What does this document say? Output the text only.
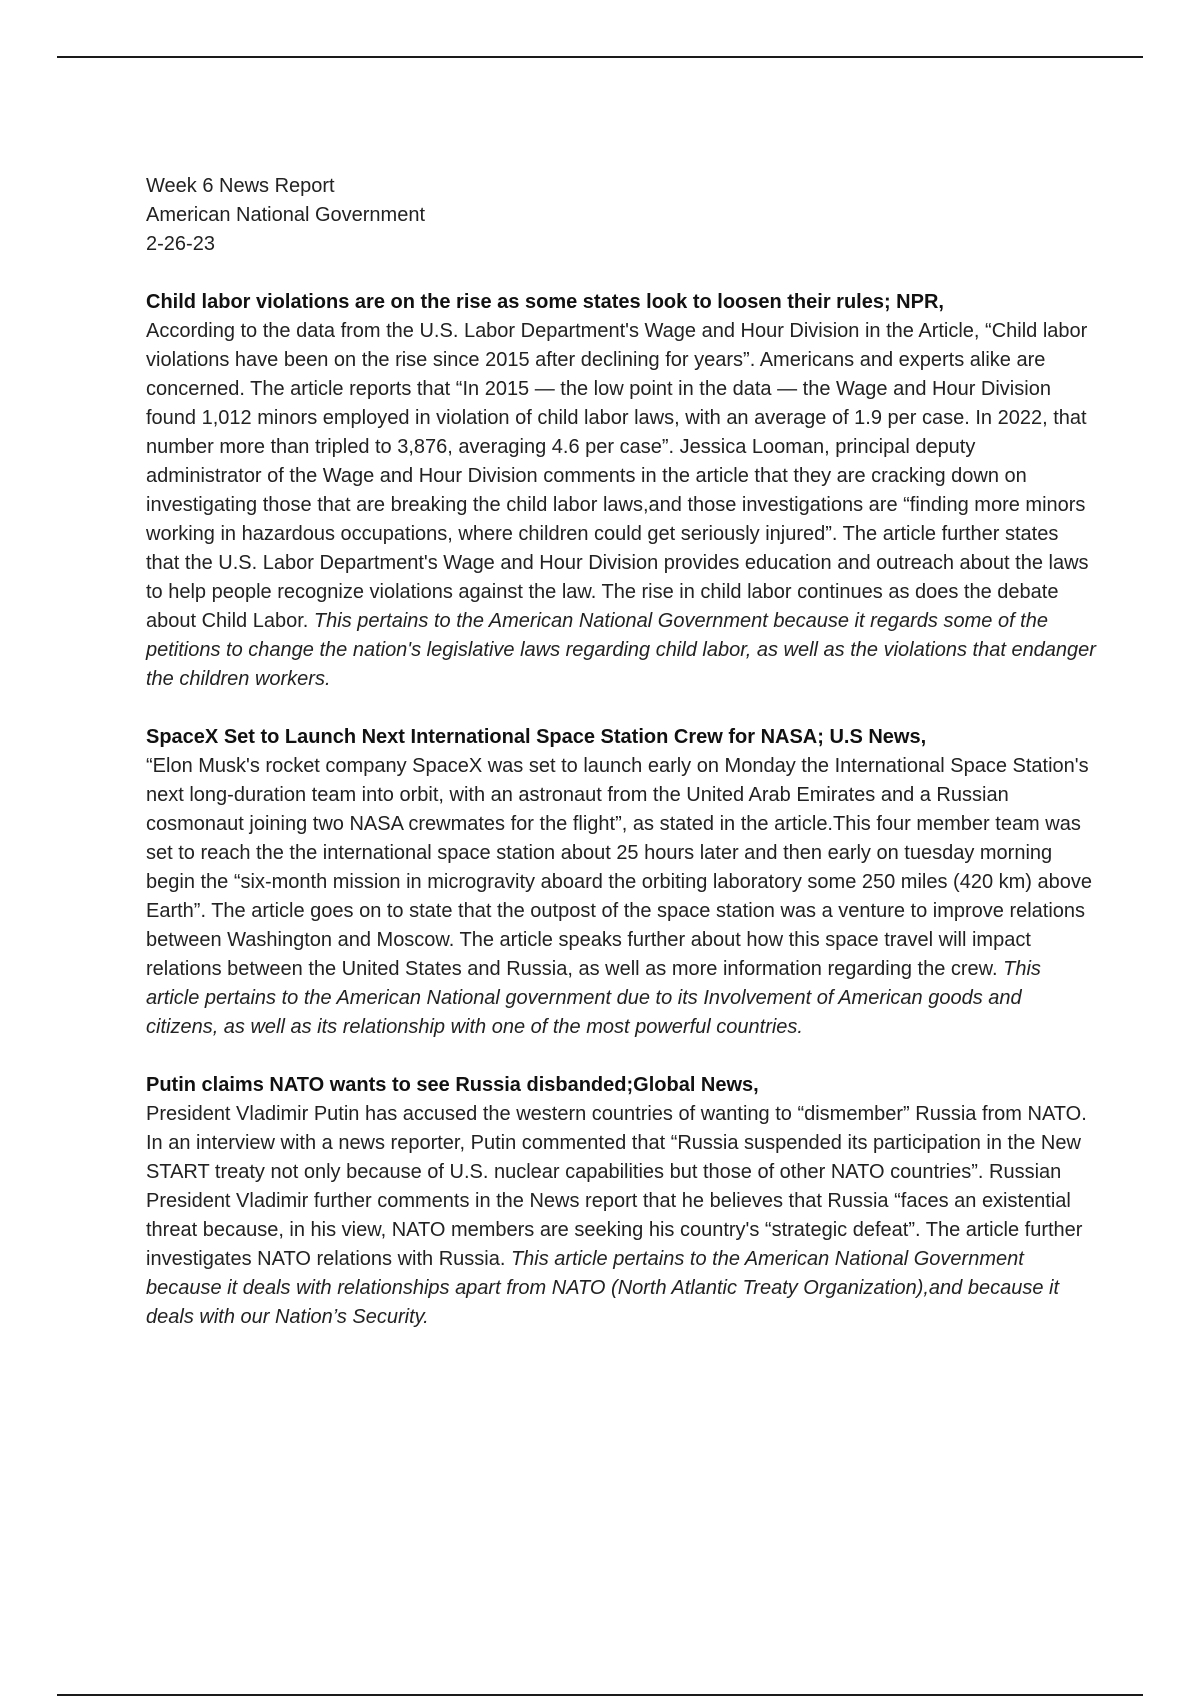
Week 6 News Report

American National Government

2-26-23

Child labor violations are on the rise as some states look to loosen their rules; NPR,

According to the data from the U.S. Labor Department's Wage and Hour Division in the Article, “Child labor violations have been on the rise since 2015 after declining for years”. Americans and experts alike are concerned. The article reports that “In 2015 — the low point in the data — the Wage and Hour Division found 1,012 minors employed in violation of child labor laws, with an average of 1.9 per case. In 2022, that number more than tripled to 3,876, averaging 4.6 per case”. Jessica Looman, principal deputy administrator of the Wage and Hour Division comments in the article that they are cracking down on investigating those that are breaking the child labor laws,and those investigations are “finding more minors working in hazardous occupations, where children could get seriously injured”. The article further states that the U.S. Labor Department's Wage and Hour Division provides education and outreach about the laws to help people recognize violations against the law. The rise in child labor continues as does the debate about Child Labor. This pertains to the American National Government because it regards some of the petitions to change the nation's legislative laws regarding child labor, as well as the violations that endanger the children workers.

SpaceX Set to Launch Next International Space Station Crew for NASA; U.S News,

“Elon Musk's rocket company SpaceX was set to launch early on Monday the International Space Station's next long-duration team into orbit, with an astronaut from the United Arab Emirates and a Russian cosmonaut joining two NASA crewmates for the flight”, as stated in the article.This four member team was set to reach the the international space station about 25 hours later and then early on tuesday morning begin the “six-month mission in microgravity aboard the orbiting laboratory some 250 miles (420 km) above Earth”. The article goes on to state that the outpost of the space station was a venture to improve relations between Washington and Moscow. The article speaks further about how this space travel will impact relations between the United States and Russia, as well as more information regarding the crew. This article pertains to the American National government due to its Involvement of American goods and citizens, as well as its relationship with one of the most powerful countries.

Putin claims NATO wants to see Russia disbanded;Global News,

President Vladimir Putin has accused the western countries of wanting to “dismember” Russia from NATO. In an interview with a news reporter, Putin commented that “Russia suspended its participation in the New START treaty not only because of U.S. nuclear capabilities but those of other NATO countries”. Russian President Vladimir further comments in the News report that he believes that Russia “faces an existential threat because, in his view, NATO members are seeking his country's “strategic defeat”. The article further investigates NATO relations with Russia. This article pertains to the American National Government because it deals with relationships apart from NATO (North Atlantic Treaty Organization),and because it deals with our Nation’s Security.
